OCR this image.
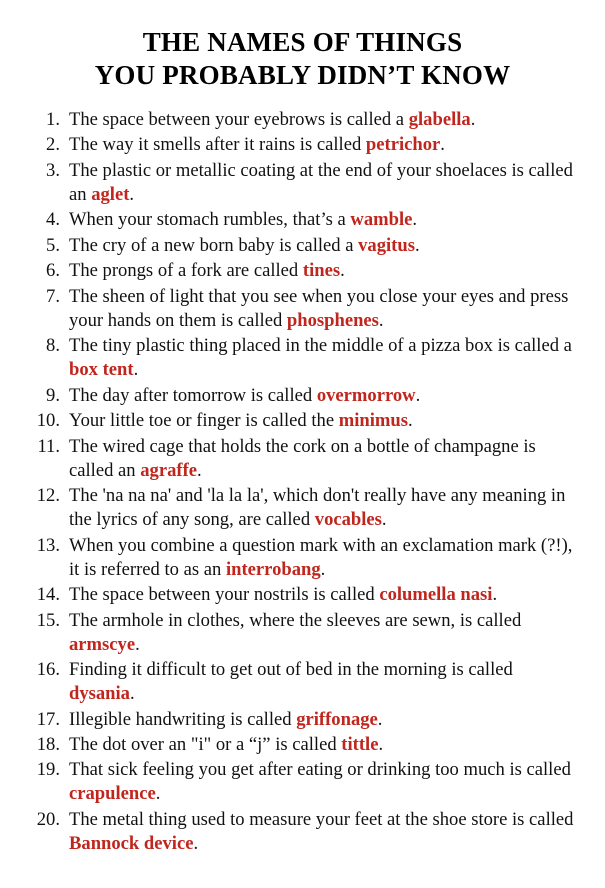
THE NAMES OF THINGS
YOU PROBABLY DIDN’T KNOW
1. The space between your eyebrows is called a glabella.
2. The way it smells after it rains is called petrichor.
3. The plastic or metallic coating at the end of your shoelaces is called an aglet.
4. When your stomach rumbles, that’s a wamble.
5. The cry of a new born baby is called a vagitus.
6. The prongs of a fork are called tines.
7. The sheen of light that you see when you close your eyes and press your hands on them is called phosphenes.
8. The tiny plastic thing placed in the middle of a pizza box is called a box tent.
9. The day after tomorrow is called overmorrow.
10. Your little toe or finger is called the minimus.
11. The wired cage that holds the cork on a bottle of champagne is called an agraffe.
12. The 'na na na' and 'la la la', which don't really have any meaning in the lyrics of any song, are called vocables.
13. When you combine a question mark with an exclamation mark (?!), it is referred to as an interrobang.
14. The space between your nostrils is called columella nasi.
15. The armhole in clothes, where the sleeves are sewn, is called armscye.
16. Finding it difficult to get out of bed in the morning is called dysania.
17. Illegible handwriting is called griffonage.
18. The dot over an "i" or a “j” is called tittle.
19. That sick feeling you get after eating or drinking too much is called crapulence.
20. The metal thing used to measure your feet at the shoe store is called Bannock device.
